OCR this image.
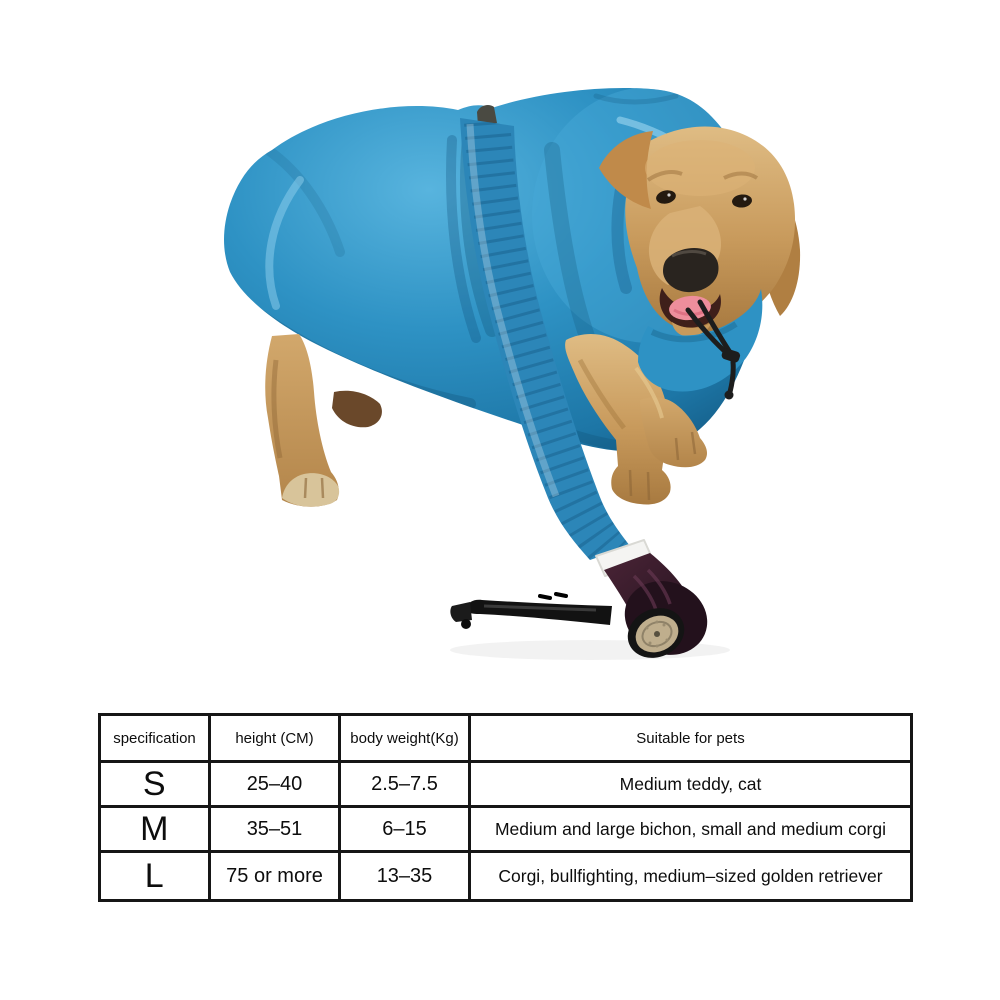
specification	height (CM)	body weight(Kg)	Suitable for pets
S	25–40	2.5–7.5	Medium teddy, cat
M	35–51	6–15	Medium and large bichon, small and medium corgi
L	75 or more	13–35	Corgi, bullfighting, medium–sized golden retriever
